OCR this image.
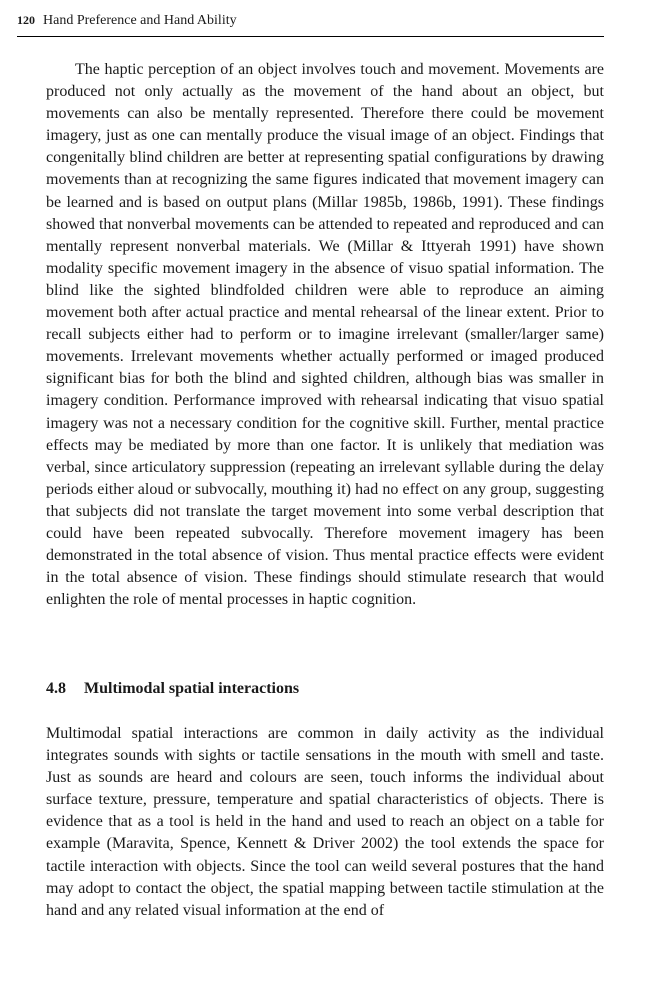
120 Hand Preference and Hand Ability

The haptic perception of an object involves touch and movement. Movements are produced not only actually as the movement of the hand about an object, but movements can also be mentally represented. Therefore there could be movement imagery, just as one can mentally produce the visual image of an object. Findings that congenitally blind children are better at representing spatial configurations by drawing movements than at recognizing the same figures indicated that movement imagery can be learned and is based on output plans (Millar 1985b, 1986b, 1991). These findings showed that nonverbal movements can be attended to repeated and reproduced and can mentally represent nonverbal materials. We (Millar & Ittyerah 1991) have shown modality specific movement imagery in the absence of visuo spatial information. The blind like the sighted blindfolded children were able to reproduce an aiming movement both after actual practice and mental rehearsal of the linear extent. Prior to recall subjects either had to perform or to imagine irrelevant (smaller/larger same) movements. Irrelevant movements whether actually performed or imaged produced significant bias for both the blind and sighted children, although bias was smaller in imagery condition. Performance improved with rehearsal indicating that visuo spatial imagery was not a necessary condition for the cognitive skill. Further, mental practice effects may be mediated by more than one factor. It is unlikely that mediation was verbal, since articulatory suppression (repeating an irrelevant syllable during the delay periods either aloud or subvocally, mouthing it) had no effect on any group, suggesting that subjects did not translate the target movement into some verbal description that could have been repeated subvocally. Therefore movement imagery has been demonstrated in the total absence of vision. Thus mental practice effects were evident in the total absence of vision. These findings should stimulate research that would enlighten the role of mental processes in haptic cognition.

4.8 Multimodal spatial interactions

Multimodal spatial interactions are common in daily activity as the individual integrates sounds with sights or tactile sensations in the mouth with smell and taste. Just as sounds are heard and colours are seen, touch informs the individual about surface texture, pressure, temperature and spatial characteristics of objects. There is evidence that as a tool is held in the hand and used to reach an object on a table for example (Maravita, Spence, Kennett & Driver 2002) the tool extends the space for tactile interaction with objects. Since the tool can weild several postures that the hand may adopt to contact the object, the spatial mapping between tactile stimulation at the hand and any related visual information at the end of
